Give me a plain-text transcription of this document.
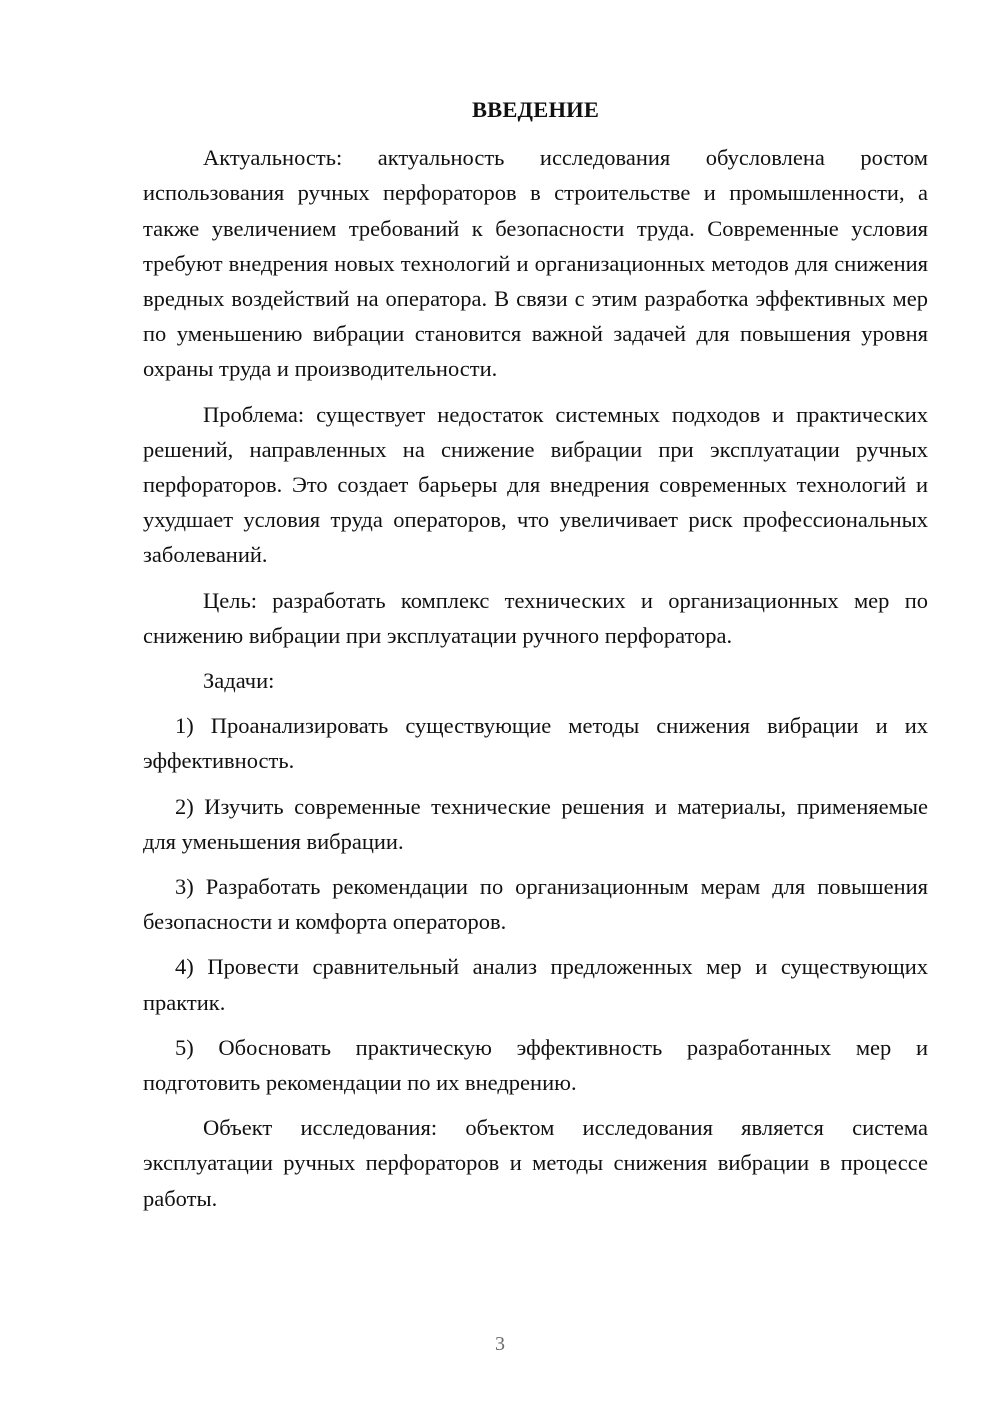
ВВЕДЕНИЕ

Актуальность: актуальность исследования обусловлена ростом использования ручных перфораторов в строительстве и промышленности, а также увеличением требований к безопасности труда. Современные условия требуют внедрения новых технологий и организационных методов для снижения вредных воздействий на оператора. В связи с этим разработка эффективных мер по уменьшению вибрации становится важной задачей для повышения уровня охраны труда и производительности.

Проблема: существует недостаток системных подходов и практических решений, направленных на снижение вибрации при эксплуатации ручных перфораторов. Это создает барьеры для внедрения современных технологий и ухудшает условия труда операторов, что увеличивает риск профессиональных заболеваний.

Цель: разработать комплекс технических и организационных мер по снижению вибрации при эксплуатации ручного перфоратора.

Задачи:

1) Проанализировать существующие методы снижения вибрации и их эффективность.

2) Изучить современные технические решения и материалы, применяемые для уменьшения вибрации.

3) Разработать рекомендации по организационным мерам для повышения безопасности и комфорта операторов.

4) Провести сравнительный анализ предложенных мер и существующих практик.

5) Обосновать практическую эффективность разработанных мер и подготовить рекомендации по их внедрению.

Объект исследования: объектом исследования является система эксплуатации ручных перфораторов и методы снижения вибрации в процессе работы.

3
